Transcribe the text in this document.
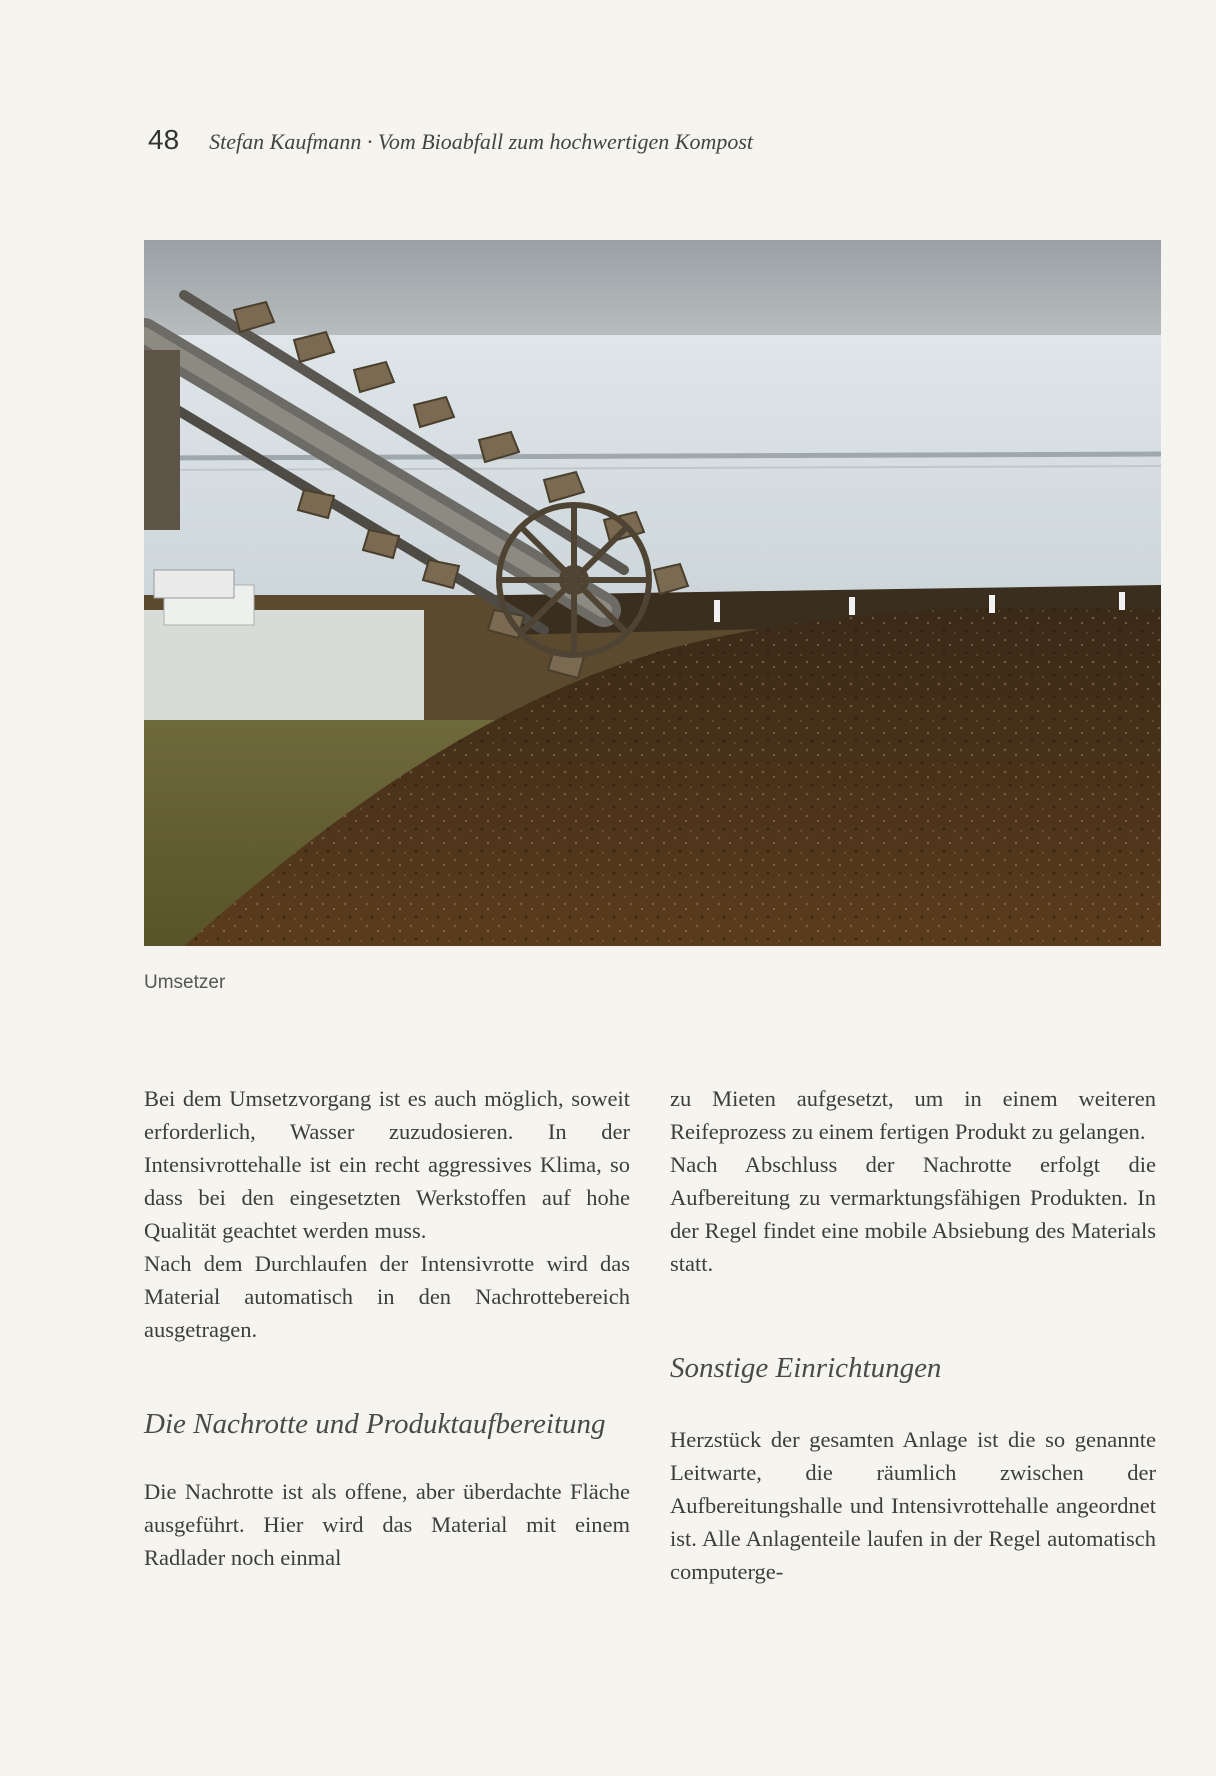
48 Stefan Kaufmann · Vom Bioabfall zum hochwertigen Kompost
Umsetzer

Bei dem Umsetzvorgang ist es auch möglich, soweit erforderlich, Wasser zuzudosieren. In der Intensivrottehalle ist ein recht aggressives Klima, so dass bei den eingesetzten Werkstoffen auf hohe Qualität geachtet werden muss.

Nach dem Durchlaufen der Intensivrotte wird das Material automatisch in den Nachrottebereich ausgetragen.

Die Nachrotte und Produktaufbereitung

Die Nachrotte ist als offene, aber überdachte Fläche ausgeführt. Hier wird das Material mit einem Radlader noch einmal

zu Mieten aufgesetzt, um in einem weiteren Reifeprozess zu einem fertigen Produkt zu gelangen.

Nach Abschluss der Nachrotte erfolgt die Aufbereitung zu vermarktungsfähigen Produkten. In der Regel findet eine mobile Absiebung des Materials statt.

Sonstige Einrichtungen

Herzstück der gesamten Anlage ist die so genannte Leitwarte, die räumlich zwischen der Aufbereitungshalle und Intensivrottehalle angeordnet ist. Alle Anlagenteile laufen in der Regel automatisch computerge-
